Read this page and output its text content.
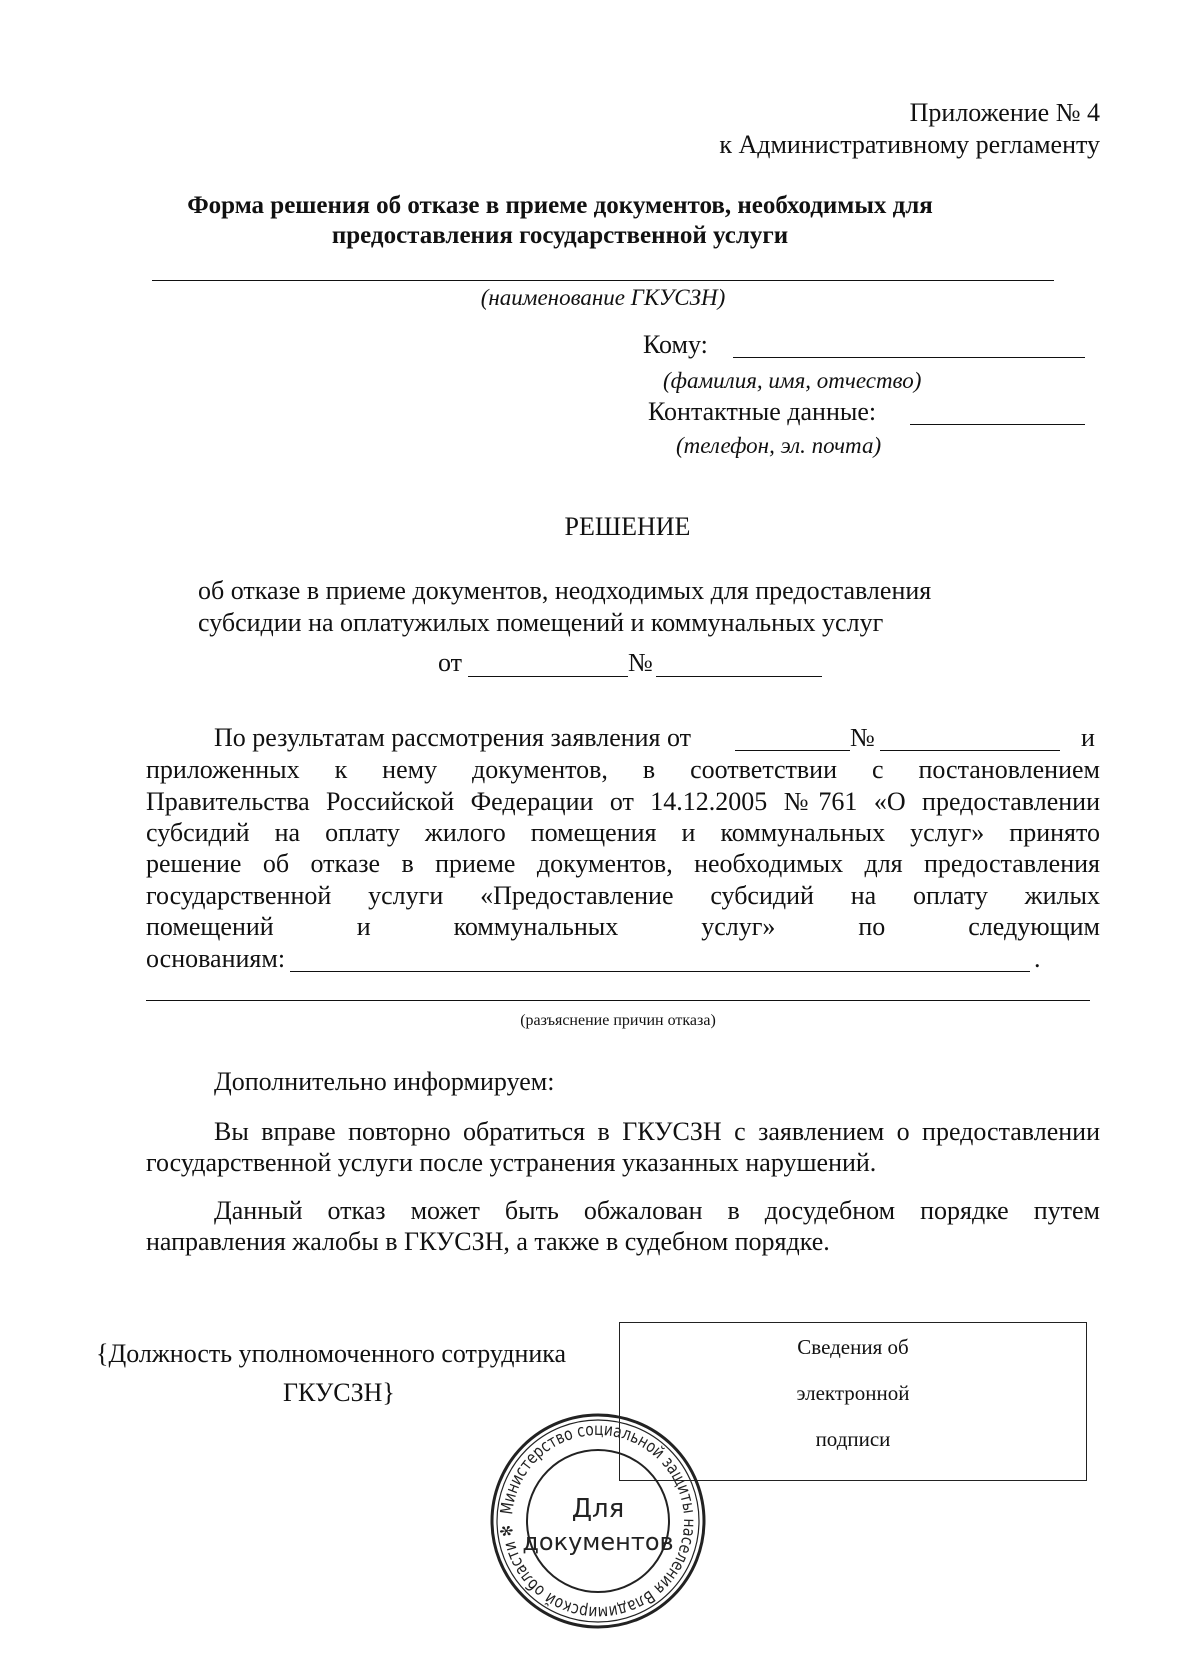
Приложение № 4
к Административному регламенту
Форма решения об отказе в приеме документов, необходимых для
предоставления государственной услуги
(наименование ГКУСЗН)
Кому:
(фамилия, имя, отчество)
Контактные данные:
(телефон, эл. почта)
РЕШЕНИЕ
об отказе в приеме документов, неодходимых для предоставления
субсидии на оплатужилых помещений и коммунальных услуг
от	№
По результатам рассмотрения заявления от	№	и
приложенных к нему документов, в соответствии с постановлением
Правительства Российской Федерации от 14.12.2005 №761 «О предоставлении
субсидий на оплату жилого помещения и коммунальных услуг» принято
решение об отказе в приеме документов, необходимых для предоставления
государственной услуги «Предоставление субсидий на оплату жилых
помещений и коммунальных услуг» по следующим
основаниям:	.
(разъяснение причин отказа)
Дополнительно информируем:
Вы вправе повторно обратиться в ГКУСЗН с заявлением о предоставлении
государственной услуги после устранения указанных нарушений.
Данный отказ может быть обжалован в досудебном порядке путем
направления жалобы в ГКУСЗН, а также в судебном порядке.
{Должность уполномоченного сотрудника
ГКУСЗН}
Министерство социальной защиты населения Владимирской области ✻
Для
документов
Сведения об
электронной
подписи
